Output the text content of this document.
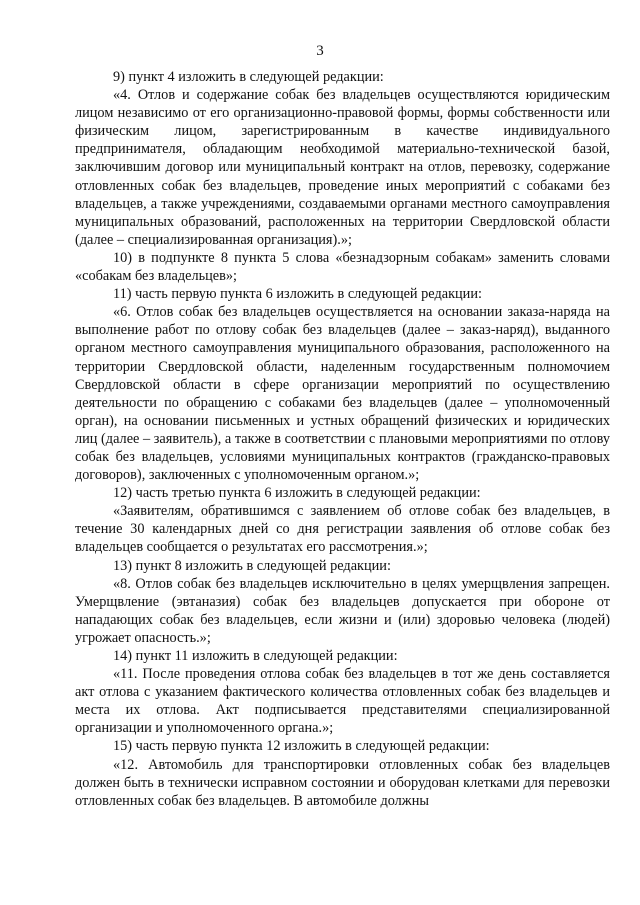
3

9) пункт 4 изложить в следующей редакции:

«4. Отлов и содержание собак без владельцев осуществляются юридическим лицом независимо от его организационно-правовой формы, формы собственности или физическим лицом, зарегистрированным в качестве индивидуального предпринимателя, обладающим необходимой материально-технической базой, заключившим договор или муниципальный контракт на отлов, перевозку, содержание отловленных собак без владельцев, проведение иных мероприятий с собаками без владельцев, а также учреждениями, создаваемыми органами местного самоуправления муниципальных образований, расположенных на территории Свердловской области (далее – специализированная организация).»;

10) в подпункте 8 пункта 5 слова «безнадзорным собакам» заменить словами «собакам без владельцев»;

11) часть первую пункта 6 изложить в следующей редакции:

«6. Отлов собак без владельцев осуществляется на основании заказа-наряда на выполнение работ по отлову собак без владельцев (далее – заказ-наряд), выданного органом местного самоуправления муниципального образования, расположенного на территории Свердловской области, наделенным государственным полномочием Свердловской области в сфере организации мероприятий по осуществлению деятельности по обращению с собаками без владельцев (далее – уполномоченный орган), на основании письменных и устных обращений физических и юридических лиц (далее – заявитель), а также в соответствии с плановыми мероприятиями по отлову собак без владельцев, условиями муниципальных контрактов (гражданско-правовых договоров), заключенных с уполномоченным органом.»;

12) часть третью пункта 6 изложить в следующей редакции:

«Заявителям, обратившимся с заявлением об отлове собак без владельцев, в течение 30 календарных дней со дня регистрации заявления об отлове собак без владельцев сообщается о результатах его рассмотрения.»;

13) пункт 8 изложить в следующей редакции:

«8. Отлов собак без владельцев исключительно в целях умерщвления запрещен. Умерщвление (эвтаназия) собак без владельцев допускается при обороне от нападающих собак без владельцев, если жизни и (или) здоровью человека (людей) угрожает опасность.»;

14) пункт 11 изложить в следующей редакции:

«11. После проведения отлова собак без владельцев в тот же день составляется акт отлова с указанием фактического количества отловленных собак без владельцев и места их отлова. Акт подписывается представителями специализированной организации и уполномоченного органа.»;

15) часть первую пункта 12 изложить в следующей редакции:

«12. Автомобиль для транспортировки отловленных собак без владельцев должен быть в технически исправном состоянии и оборудован клетками для перевозки отловленных собак без владельцев. В автомобиле должны
